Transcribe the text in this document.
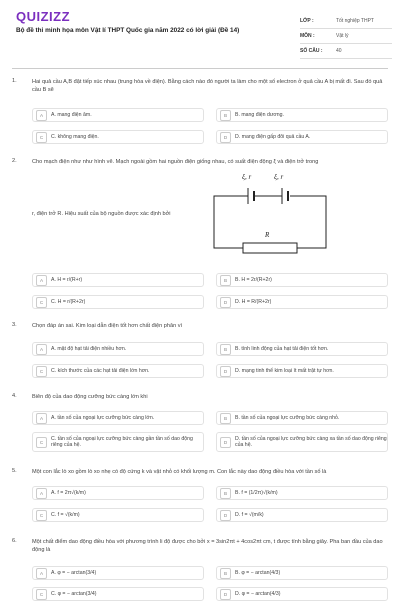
QUIZIZZ
Bộ đề thi minh họa môn Vật lí THPT Quốc gia năm 2022 có lời giải (Đề 14)
LỚP :	Tốt nghiệp THPT
MÔN :	Vật lý
SỐ CÂU :	40
1.	Hai quả cầu A,B đặt tiếp xúc nhau (trung hòa về điện). Bằng cách nào đó người ta làm cho một số electron ở quả cầu A bị mất đi. Sau đó quả cầu B sẽ
A	A. mang điện âm.	B	B. mang điện dương.
C	C. không mang điện.	D	D. mang điện gấp đôi quả cầu A.
2.	Cho mạch điện như như hình vẽ. Mạch ngoài gồm hai nguồn điện giống nhau, có suất điện động ξ và điện trở trong
r, điện trở R. Hiệu suất của bộ nguồn được xác định bởi
A	A. H = r/(R+r)	B	B. H = 2r/(R+2r)
C	C. H = r/(R+2r)	D	D. H = R/(R+2r)
ξ, r	ξ, r
R
3.	Chọn đáp án sai. Kim loại dẫn điện tốt hơn chất điện phân vì
A	A. mật độ hạt tải điện nhiều hơn.	B	B. tính linh động của hạt tải điện tốt hơn.
C	C. kích thước của các hạt tải điện lớn hơn.	D	D. mạng tinh thể kim loại ít mất trật tự hơn.
4.	Biên độ của dao động cưỡng bức càng lớn khi
A	A. tần số của ngoại lực cưỡng bức càng lớn.	B	B. tần số của ngoại lực cưỡng bức càng nhỏ.
C	C. tần số của ngoại lực cưỡng bức càng gần tần số dao động riêng của hệ.	D	D. tần số của ngoại lực cưỡng bức càng xa tần số dao động riêng của hệ.
5.	Một con lắc lò xo gồm lò xo nhẹ có độ cứng k và vật nhỏ có khối lượng m. Con lắc này dao động điều hòa với tần số là
A	A. f = 2π√(k/m)	B	B. f = (1/2π)√(k/m)
C	C. f = √(k/m)	D	D. f = √(m/k)
6.	Một chất điểm dao động điều hòa với phương trình li độ được cho bởi x = 3sin2πt + 4cos2πt cm, t được tính bằng giây. Pha ban đầu của dao động là
A	A. φ = − arctan(3/4)	B	B. φ = − arctan(4/3)
C	C. φ = − arctan(3/4)	D	D. φ = − arctan(4/3)
